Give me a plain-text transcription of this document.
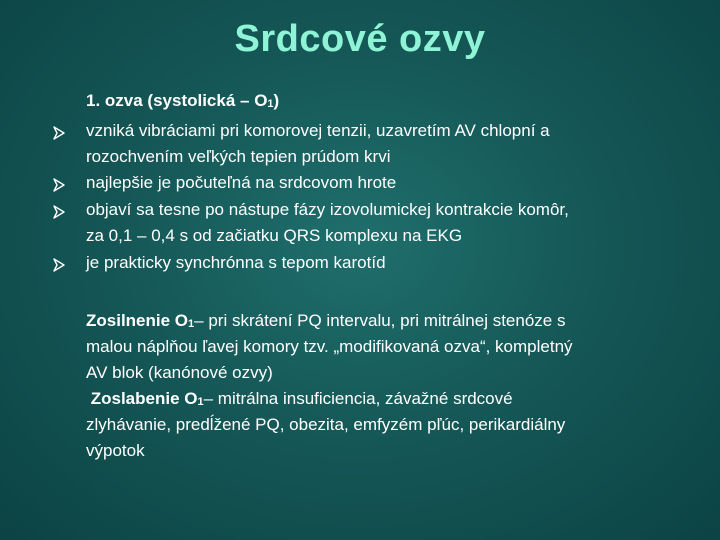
Srdcové ozvy
1. ozva (systolická – $O_1$)
vzniká vibráciami pri komorovej tenzii, uzavretím AV chlopní a
rozochvením veľkých tepien prúdom krvi
najlepšie je počuteľná na srdcovom hrote
objaví sa tesne po nástupe fázy izovolumickej kontrakcie komôr,
za 0,1 – 0,4 s od začiatku QRS komplexu na EKG
je prakticky synchrónna s tepom karotíd
Zosilnenie $O_1-$ pri skrátení PQ intervalu, pri mitrálnej stenóze s
malou náplňou ľavej komory tzv. „modifikovaná ozva“, kompletný
AV blok (kanónové ozvy)
Zoslabenie $O_1-$ mitrálna insuficiencia, závažné srdcové
zlyhávanie, predĺžené PQ, obezita, emfyzém pľúc, perikardiálny
výpotok
